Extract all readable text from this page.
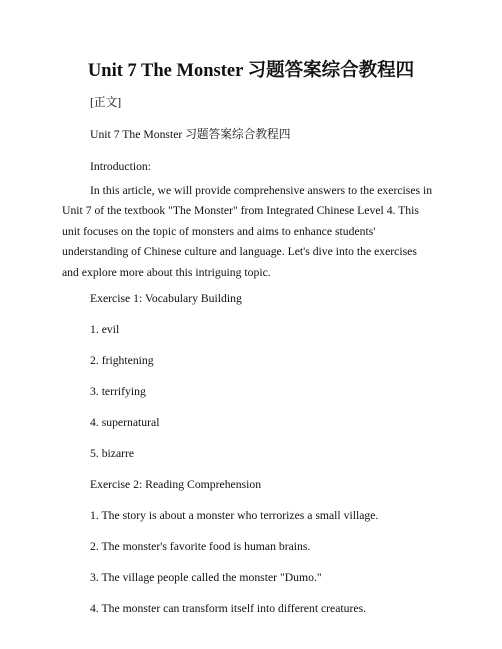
Unit 7 The Monster 习题答案综合教程四

[正文]

Unit 7 The Monster 习题答案综合教程四

Introduction:

In this article, we will provide comprehensive answers to the exercises in
Unit 7 of the textbook "The Monster" from Integrated Chinese Level 4. This
unit focuses on the topic of monsters and aims to enhance students'
understanding of Chinese culture and language. Let's dive into the exercises
and explore more about this intriguing topic.

Exercise 1: Vocabulary Building

1. evil

2. frightening

3. terrifying

4. supernatural

5. bizarre

Exercise 2: Reading Comprehension

1. The story is about a monster who terrorizes a small village.

2. The monster's favorite food is human brains.

3. The village people called the monster "Dumo."

4. The monster can transform itself into different creatures.
